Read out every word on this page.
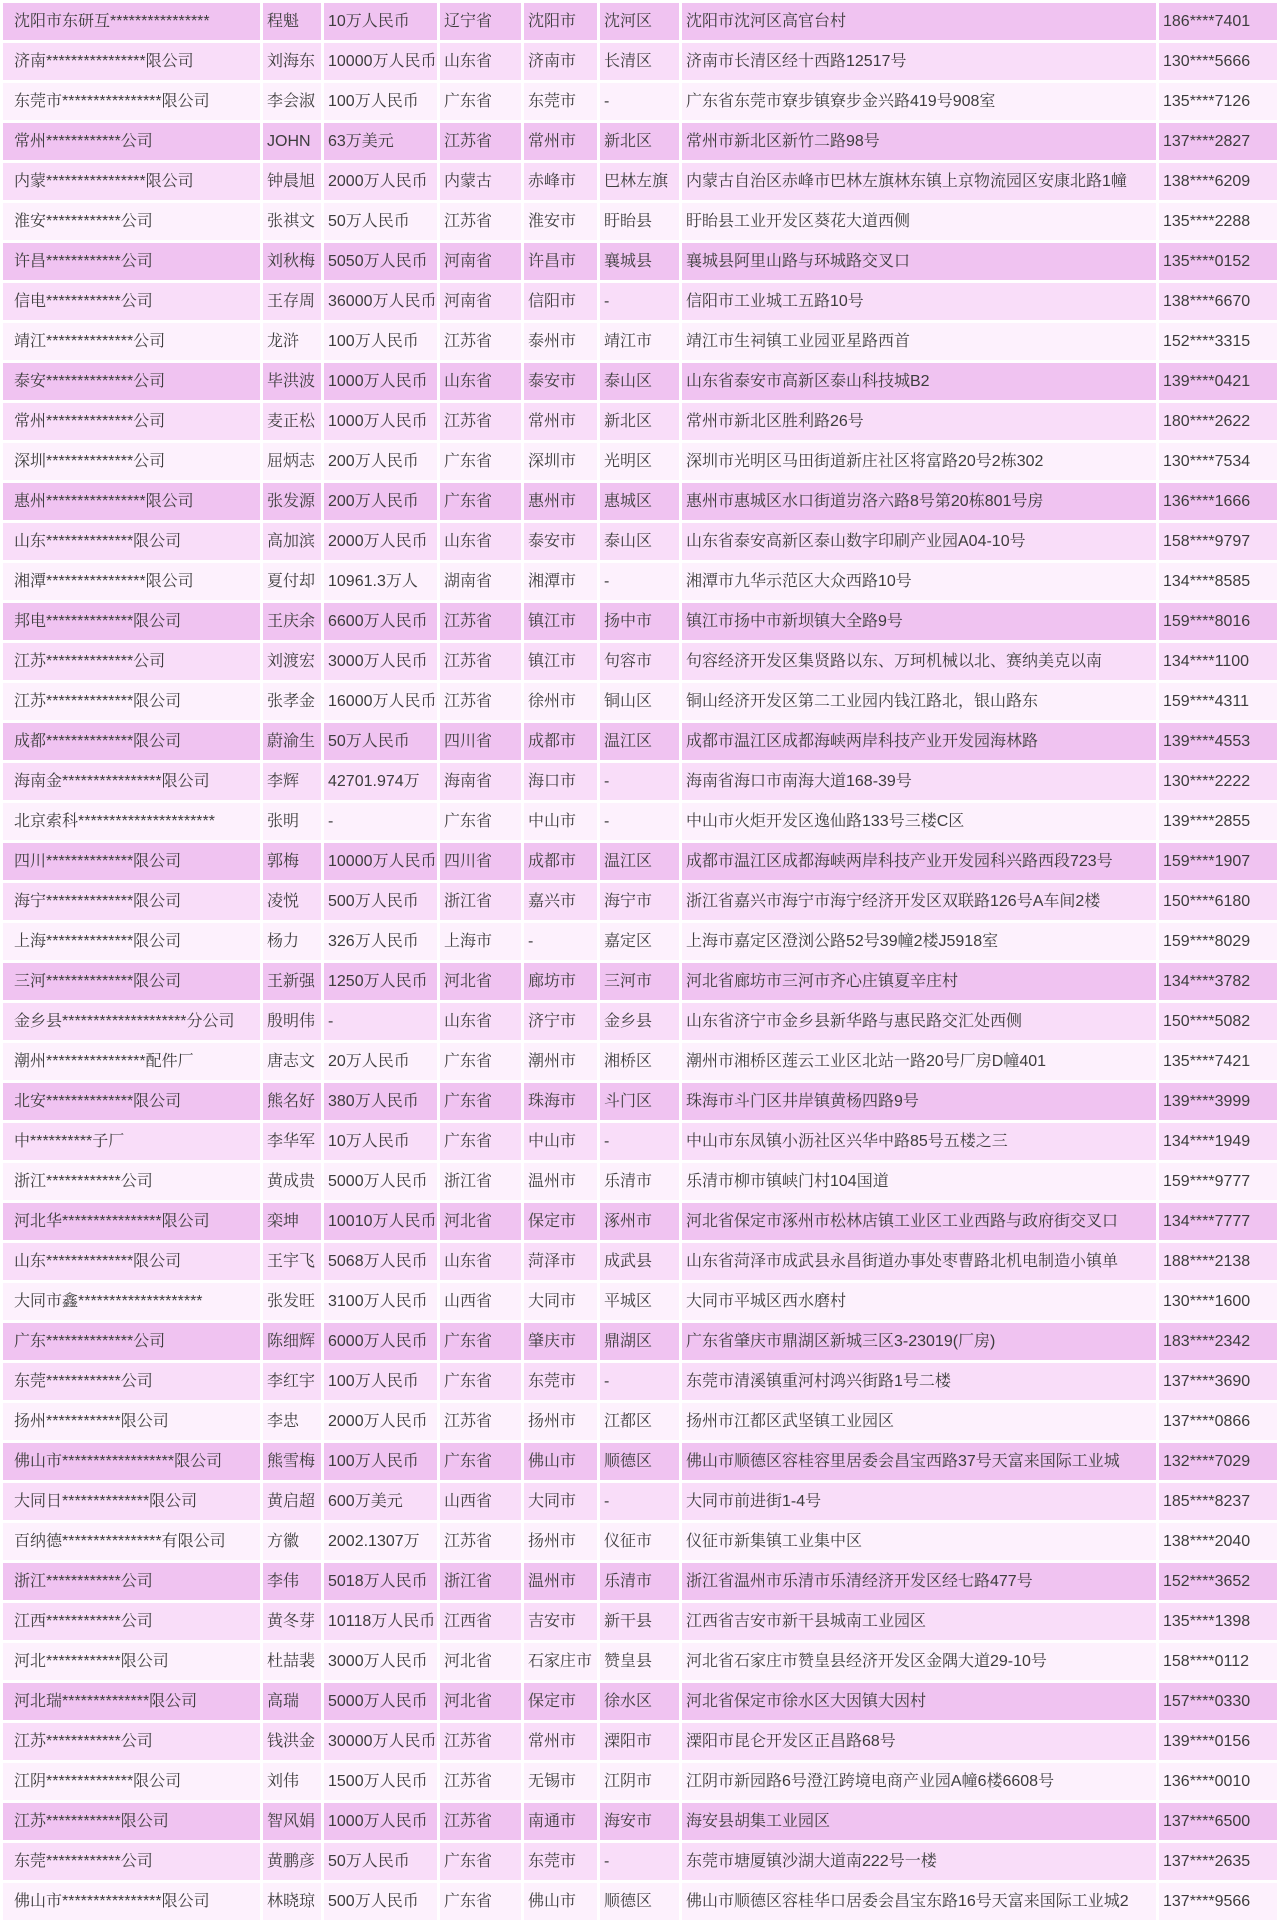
沈阳市东研互****************	程魁	10万人民币	辽宁省	沈阳市	沈河区	沈阳市沈河区高官台村	186****7401
济南****************限公司	刘海东	10000万人民币	山东省	济南市	长清区	济南市长清区经十西路12517号	130****5666
东莞市****************限公司	李会淑	100万人民币	广东省	东莞市	-	广东省东莞市寮步镇寮步金兴路419号908室	135****7126
常州************公司	JOHN	63万美元	江苏省	常州市	新北区	常州市新北区新竹二路98号	137****2827
内蒙****************限公司	钟晨旭	2000万人民币	内蒙古	赤峰市	巴林左旗	内蒙古自治区赤峰市巴林左旗林东镇上京物流园区安康北路1幢	138****6209
淮安************公司	张祺文	50万人民币	江苏省	淮安市	盱眙县	盱眙县工业开发区葵花大道西侧	135****2288
许昌************公司	刘秋梅	5050万人民币	河南省	许昌市	襄城县	襄城县阿里山路与环城路交叉口	135****0152
信电************公司	王存周	36000万人民币	河南省	信阳市	-	信阳市工业城工五路10号	138****6670
靖江**************公司	龙浒	100万人民币	江苏省	泰州市	靖江市	靖江市生祠镇工业园亚星路西首	152****3315
泰安**************公司	毕洪波	1000万人民币	山东省	泰安市	泰山区	山东省泰安市高新区泰山科技城B2	139****0421
常州**************公司	麦正松	1000万人民币	江苏省	常州市	新北区	常州市新北区胜利路26号	180****2622
深圳**************公司	屈炳志	200万人民币	广东省	深圳市	光明区	深圳市光明区马田街道新庄社区将富路20号2栋302	130****7534
惠州****************限公司	张发源	200万人民币	广东省	惠州市	惠城区	惠州市惠城区水口街道岃洛六路8号第20栋801号房	136****1666
山东**************限公司	高加滨	2000万人民币	山东省	泰安市	泰山区	山东省泰安高新区泰山数字印刷产业园A04-10号	158****9797
湘潭****************限公司	夏付却	10961.3万人	湖南省	湘潭市	-	湘潭市九华示范区大众西路10号	134****8585
邦电**************限公司	王庆余	6600万人民币	江苏省	镇江市	扬中市	镇江市扬中市新坝镇大全路9号	159****8016
江苏**************公司	刘渡宏	3000万人民币	江苏省	镇江市	句容市	句容经济开发区集贤路以东、万珂机械以北、赛纳美克以南	134****1100
江苏**************限公司	张孝金	16000万人民币	江苏省	徐州市	铜山区	铜山经济开发区第二工业园内钱江路北，银山路东	159****4311
成都**************限公司	蔚渝生	50万人民币	四川省	成都市	温江区	成都市温江区成都海峡两岸科技产业开发园海林路	139****4553
海南金****************限公司	李辉	42701.974万	海南省	海口市	-	海南省海口市南海大道168-39号	130****2222
北京索科**********************	张明	-	广东省	中山市	-	中山市火炬开发区逸仙路133号三楼C区	139****2855
四川**************限公司	郭梅	10000万人民币	四川省	成都市	温江区	成都市温江区成都海峡两岸科技产业开发园科兴路西段723号	159****1907
海宁**************限公司	凌悦	500万人民币	浙江省	嘉兴市	海宁市	浙江省嘉兴市海宁市海宁经济开发区双联路126号A车间2楼	150****6180
上海**************限公司	杨力	326万人民币	上海市	-	嘉定区	上海市嘉定区澄浏公路52号39幢2楼J5918室	159****8029
三河**************限公司	王新强	1250万人民币	河北省	廊坊市	三河市	河北省廊坊市三河市齐心庄镇夏辛庄村	134****3782
金乡县********************分公司	殷明伟	-	山东省	济宁市	金乡县	山东省济宁市金乡县新华路与惠民路交汇处西侧	150****5082
潮州****************配件厂	唐志文	20万人民币	广东省	潮州市	湘桥区	潮州市湘桥区莲云工业区北站一路20号厂房D幢401	135****7421
北安**************限公司	熊名好	380万人民币	广东省	珠海市	斗门区	珠海市斗门区井岸镇黄杨四路9号	139****3999
中**********子厂	李华军	10万人民币	广东省	中山市	-	中山市东凤镇小沥社区兴华中路85号五楼之三	134****1949
浙江************公司	黄成贵	5000万人民币	浙江省	温州市	乐清市	乐清市柳市镇峡门村104国道	159****9777
河北华****************限公司	栾坤	10010万人民币	河北省	保定市	涿州市	河北省保定市涿州市松林店镇工业区工业西路与政府街交叉口	134****7777
山东**************限公司	王宇飞	5068万人民币	山东省	菏泽市	成武县	山东省菏泽市成武县永昌街道办事处枣曹路北机电制造小镇单	188****2138
大同市鑫********************	张发旺	3100万人民币	山西省	大同市	平城区	大同市平城区西水磨村	130****1600
广东**************公司	陈细辉	6000万人民币	广东省	肇庆市	鼎湖区	广东省肇庆市鼎湖区新城三区3-23019(厂房)	183****2342
东莞************公司	李红宇	100万人民币	广东省	东莞市	-	东莞市清溪镇重河村鸿兴街路1号二楼	137****3690
扬州************限公司	李忠	2000万人民币	江苏省	扬州市	江都区	扬州市江都区武坚镇工业园区	137****0866
佛山市******************限公司	熊雪梅	100万人民币	广东省	佛山市	顺德区	佛山市顺德区容桂容里居委会昌宝西路37号天富来国际工业城	132****7029
大同日**************限公司	黄启超	600万美元	山西省	大同市	-	大同市前进街1-4号	185****8237
百纳德****************有限公司	方徽	2002.1307万	江苏省	扬州市	仪征市	仪征市新集镇工业集中区	138****2040
浙江************公司	李伟	5018万人民币	浙江省	温州市	乐清市	浙江省温州市乐清市乐清经济开发区经七路477号	152****3652
江西************公司	黄冬芽	10118万人民币	江西省	吉安市	新干县	江西省吉安市新干县城南工业园区	135****1398
河北************限公司	杜喆裴	3000万人民币	河北省	石家庄市	赞皇县	河北省石家庄市赞皇县经济开发区金隅大道29-10号	158****0112
河北瑞**************限公司	高瑞	5000万人民币	河北省	保定市	徐水区	河北省保定市徐水区大因镇大因村	157****0330
江苏************公司	钱洪金	30000万人民币	江苏省	常州市	溧阳市	溧阳市昆仑开发区正昌路68号	139****0156
江阴**************限公司	刘伟	1500万人民币	江苏省	无锡市	江阴市	江阴市新园路6号澄江跨境电商产业园A幢6楼6608号	136****0010
江苏************限公司	智风娟	1000万人民币	江苏省	南通市	海安市	海安县胡集工业园区	137****6500
东莞************公司	黄鹏彦	50万人民币	广东省	东莞市	-	东莞市塘厦镇沙湖大道南222号一楼	137****2635
佛山市****************限公司	林晓琼	500万人民币	广东省	佛山市	顺德区	佛山市顺德区容桂华口居委会昌宝东路16号天富来国际工业城2	137****9566
